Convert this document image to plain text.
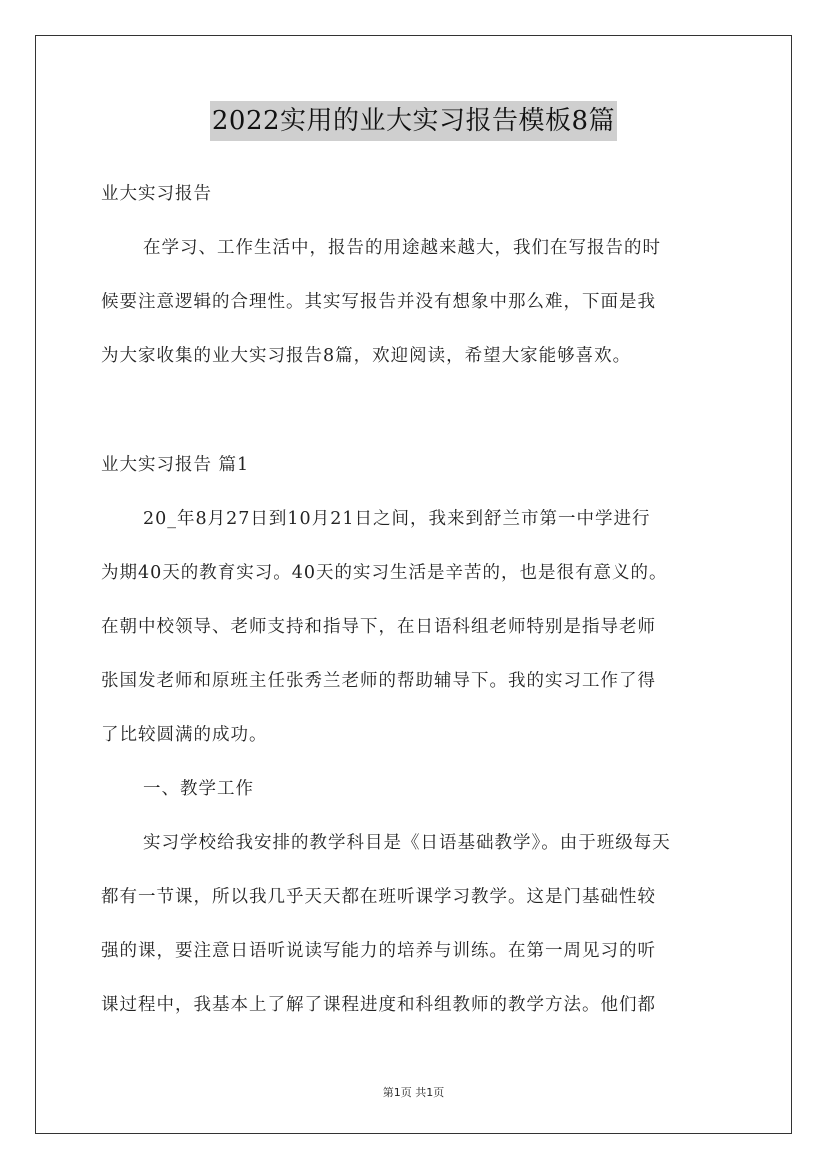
2022实用的业大实习报告模板8篇
业大实习报告
在学习、工作生活中，报告的用途越来越大，我们在写报告的时
候要注意逻辑的合理性。其实写报告并没有想象中那么难，下面是我
为大家收集的业大实习报告8篇，欢迎阅读，希望大家能够喜欢。
业大实习报告 篇1
20_年8月27日到10月21日之间，我来到舒兰市第一中学进行
为期40天的教育实习。40天的实习生活是辛苦的，也是很有意义的。
在朝中校领导、老师支持和指导下，在日语科组老师特别是指导老师
张国发老师和原班主任张秀兰老师的帮助辅导下。我的实习工作了得
了比较圆满的成功。
一、教学工作
实习学校给我安排的教学科目是《日语基础教学》。由于班级每天
都有一节课，所以我几乎天天都在班听课学习教学。这是门基础性较
强的课，要注意日语听说读写能力的培养与训练。在第一周见习的听
课过程中，我基本上了解了课程进度和科组教师的教学方法。他们都
第1页 共1页
